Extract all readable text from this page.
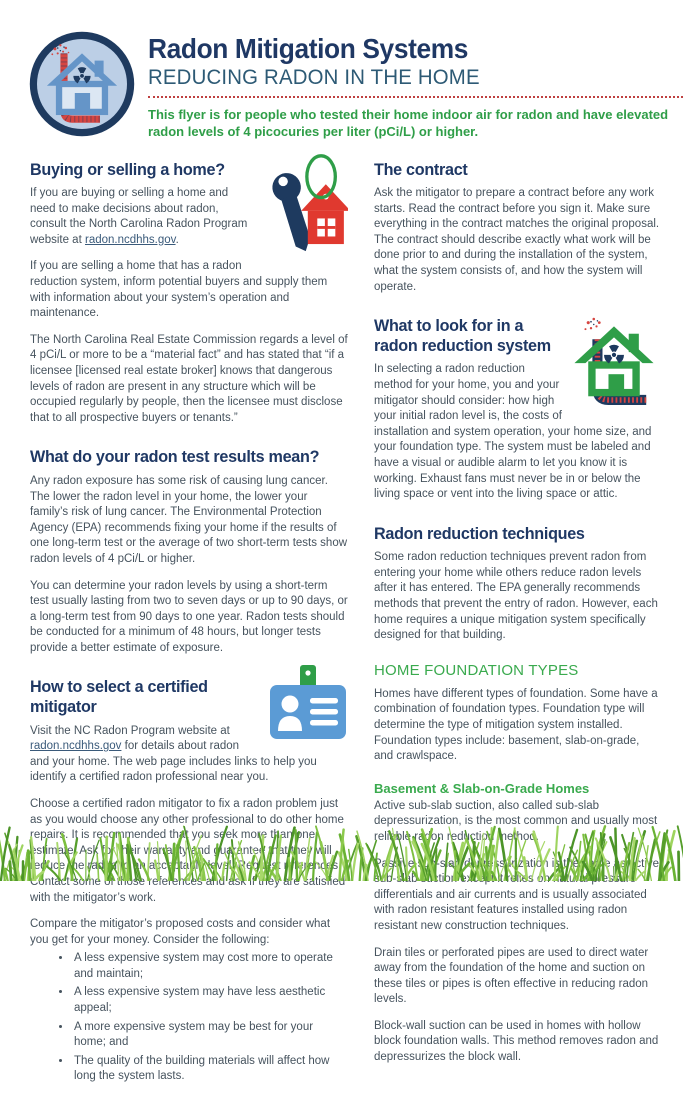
Radon Mitigation Systems
REDUCING RADON IN THE HOME

This flyer is for people who tested their home indoor air for radon and have elevated radon levels of 4 picocuries per liter (pCi/L) or higher.

Buying or selling a home?

If you are buying or selling a home and need to make decisions about radon, consult the North Carolina Radon Program website at radon.ncdhhs.gov.

If you are selling a home that has a radon reduction system, inform potential buyers and supply them with information about your system’s operation and maintenance.

The North Carolina Real Estate Commission regards a level of 4 pCi/L or more to be a “material fact” and has stated that “if a licensee [licensed real estate broker] knows that dangerous levels of radon are present in any structure which will be occupied regularly by people, then the licensee must disclose that to all prospective buyers or tenants.”

What do your radon test results mean?

Any radon exposure has some risk of causing lung cancer. The lower the radon level in your home, the lower your family’s risk of lung cancer. The Environmental Protection Agency (EPA) recommends fixing your home if the results of one long-term test or the average of two short-term tests show radon levels of 4 pCi/L or higher.

You can determine your radon levels by using a short-term test usually lasting from two to seven days or up to 90 days, or a long-term test from 90 days to one year. Radon tests should be conducted for a minimum of 48 hours, but longer tests provide a better estimate of exposure.

How to select a certified mitigator

Visit the NC Radon Program website at radon.ncdhhs.gov for details about radon and your home. The web page includes links to help you identify a certified radon professional near you.

Choose a certified radon mitigator to fix a radon problem just as you would choose any other professional to do other home repairs. It is recommended that you seek more than one estimate. Ask for their warranty and guarantee that they will reduce the radon to an acceptable level. Request references. Contact some of those references and ask if they are satisfied with the mitigator’s work.

Compare the mitigator’s proposed costs and consider what you get for your money. Consider the following:

• A less expensive system may cost more to operate and maintain;
• A less expensive system may have less aesthetic appeal;
• A more expensive system may be best for your home; and
• The quality of the building materials will affect how long the system lasts.
The contract

Ask the mitigator to prepare a contract before any work starts. Read the contract before you sign it. Make sure everything in the contract matches the original proposal. The contract should describe exactly what work will be done prior to and during the installation of the system, what the system consists of, and how the system will operate.

What to look for in a radon reduction system

In selecting a radon reduction method for your home, you and your mitigator should consider: how high your initial radon level is, the costs of installation and system operation, your home size, and your foundation type. The system must be labeled and have a visual or audible alarm to let you know it is working. Exhaust fans must never be in or below the living space or vent into the living space or attic.

Radon reduction techniques

Some radon reduction techniques prevent radon from entering your home while others reduce radon levels after it has entered. The EPA generally recommends methods that prevent the entry of radon. However, each home requires a unique mitigation system specifically designed for that building.

HOME FOUNDATION TYPES

Homes have different types of foundation. Some have a combination of foundation types. Foundation type will determine the type of mitigation system installed. Foundation types include: basement, slab-on-grade, and crawlspace.

Basement & Slab-on-Grade Homes

Active sub-slab suction, also called sub-slab depressurization, is the most common and usually most reliable radon reduction method.

Passive sub-slab depressurization is the same as active sub-slab suction except it relies on natural pressure differentials and air currents and is usually associated with radon resistant features installed using radon resistant new construction techniques.

Drain tiles or perforated pipes are used to direct water away from the foundation of the home and suction on these tiles or pipes is often effective in reducing radon levels.

Block-wall suction can be used in homes with hollow block foundation walls. This method removes radon and depressurizes the block wall.
